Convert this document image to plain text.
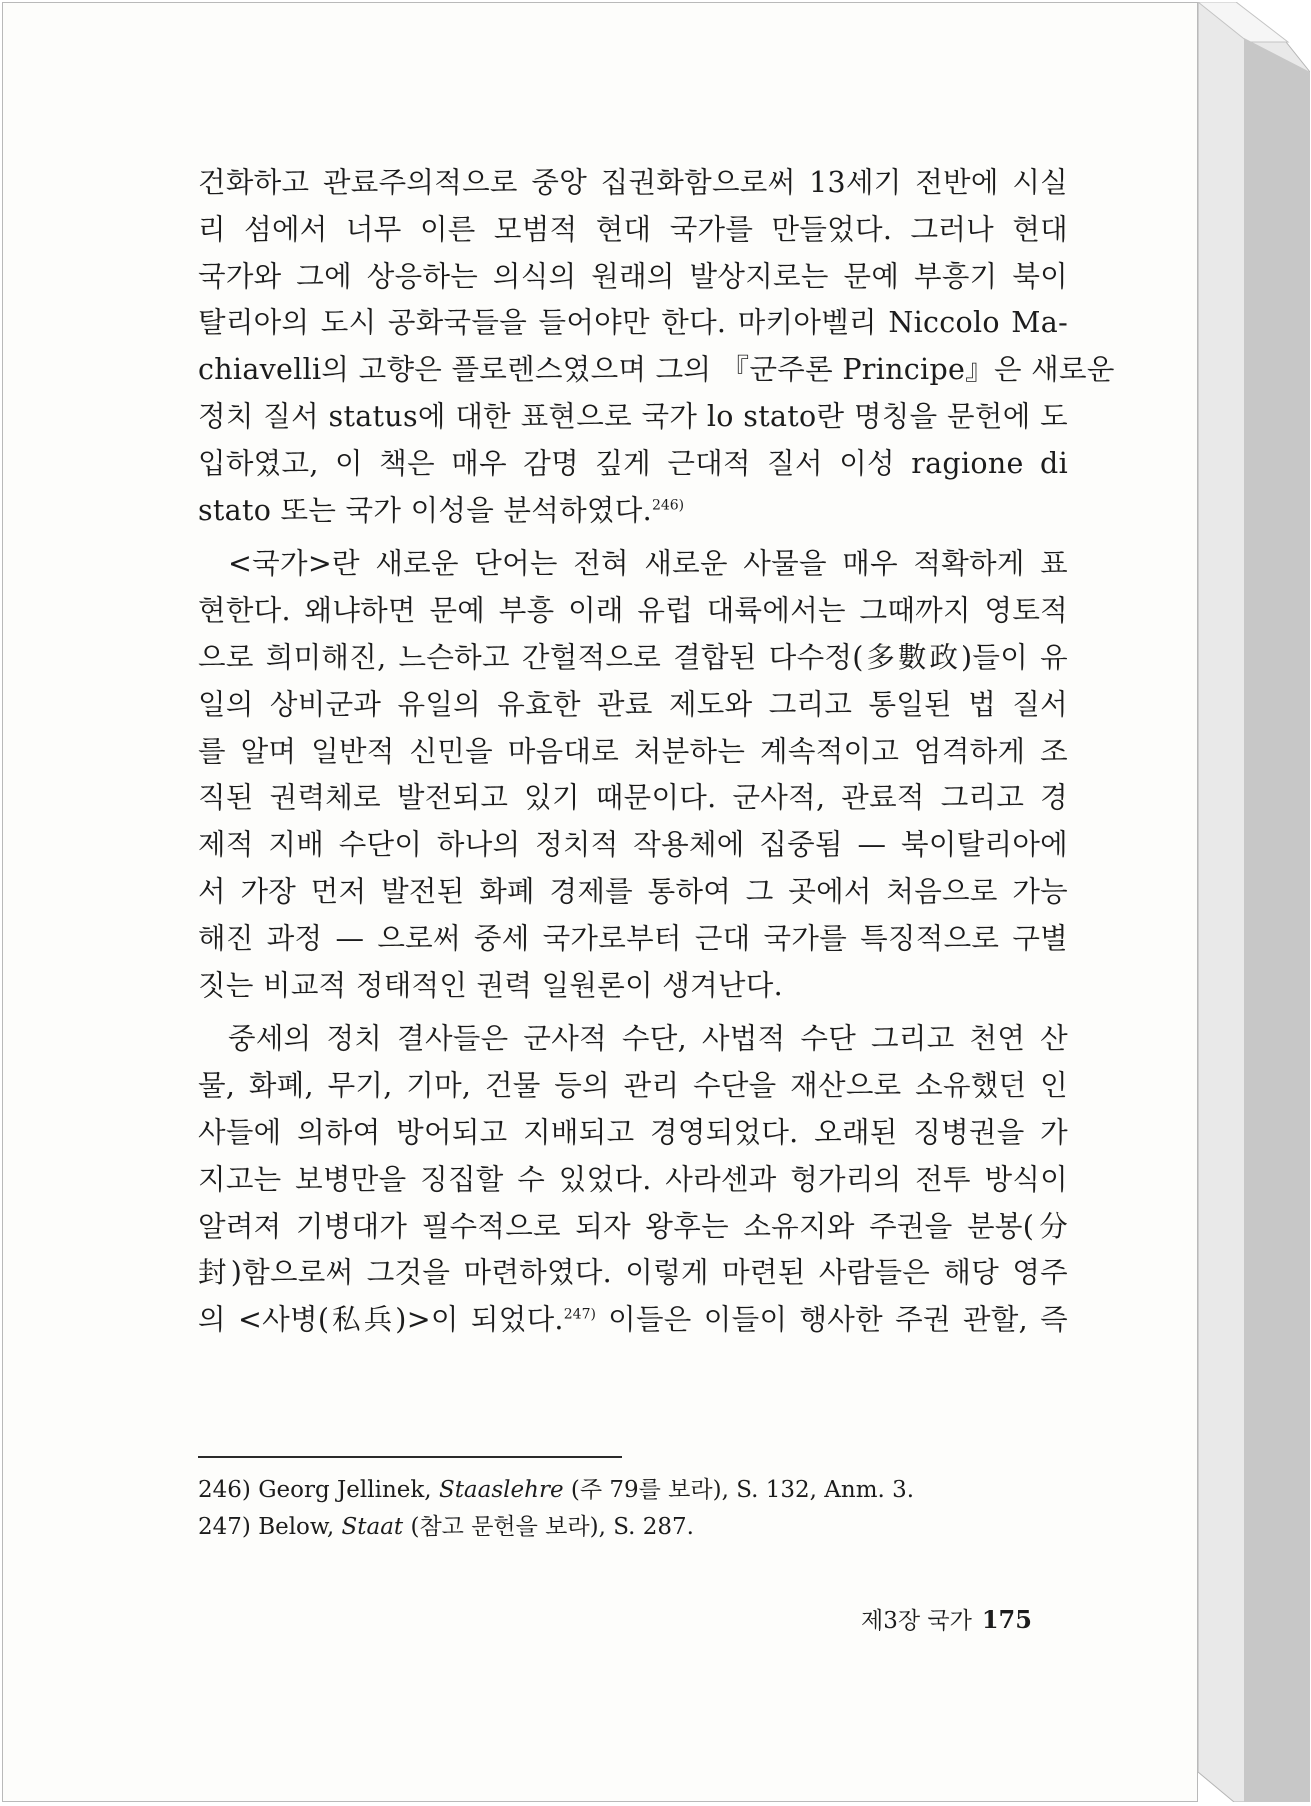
건화하고 관료주의적으로 중앙 집권화함으로써 13세기 전반에 시실
리 섬에서 너무 이른 모범적 현대 국가를 만들었다. 그러나 현대
국가와 그에 상응하는 의식의 원래의 발상지로는 문예 부흥기 북이
탈리아의 도시 공화국들을 들어야만 한다. 마키아벨리 Niccolo Ma-
chiavelli의 고향은 플로렌스였으며 그의 『군주론 Principe』은 새로운
정치 질서 status에 대한 표현으로 국가 lo stato란 명칭을 문헌에 도
입하였고, 이 책은 매우 감명 깊게 근대적 질서 이성 ragione di
stato 또는 국가 이성을 분석하였다.$^{246)}$
<국가>란 새로운 단어는 전혀 새로운 사물을 매우 적확하게 표
현한다. 왜냐하면 문예 부흥 이래 유럽 대륙에서는 그때까지 영토적
으로 희미해진, 느슨하고 간헐적으로 결합된 다수정(多數政)들이 유
일의 상비군과 유일의 유효한 관료 제도와 그리고 통일된 법 질서
를 알며 일반적 신민을 마음대로 처분하는 계속적이고 엄격하게 조
직된 권력체로 발전되고 있기 때문이다. 군사적, 관료적 그리고 경
제적 지배 수단이 하나의 정치적 작용체에 집중됨 — 북이탈리아에
서 가장 먼저 발전된 화폐 경제를 통하여 그 곳에서 처음으로 가능
해진 과정 — 으로써 중세 국가로부터 근대 국가를 특징적으로 구별
짓는 비교적 정태적인 권력 일원론이 생겨난다.
중세의 정치 결사들은 군사적 수단, 사법적 수단 그리고 천연 산
물, 화폐, 무기, 기마, 건물 등의 관리 수단을 재산으로 소유했던 인
사들에 의하여 방어되고 지배되고 경영되었다. 오래된 징병권을 가
지고는 보병만을 징집할 수 있었다. 사라센과 헝가리의 전투 방식이
알려져 기병대가 필수적으로 되자 왕후는 소유지와 주권을 분봉(分
封)함으로써 그것을 마련하였다. 이렇게 마련된 사람들은 해당 영주
의 <사병(私兵)>이 되었다.$^{247)}$ 이들은 이들이 행사한 주권 관할, 즉
246) Georg Jellinek, Staaslehre (주 79를 보라), S. 132, Anm. 3.
247) Below, Staat (참고 문헌을 보라), S. 287.
제3장 국가 175
